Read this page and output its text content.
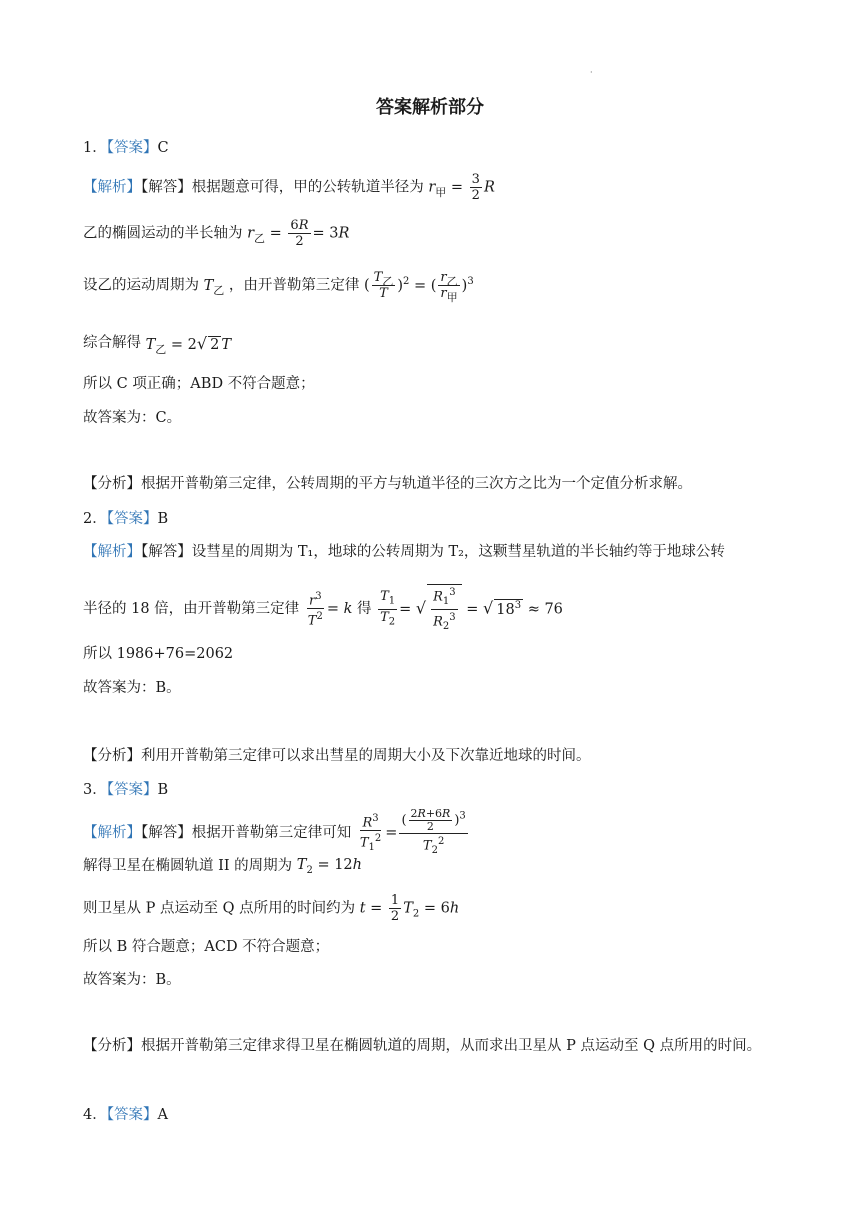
·
答案解析部分
1．【答案】C
【解析】【解答】根据题意可得，甲的公转轨道半径为 $r_甲 = \frac{3}{2}$ R
乙的椭圆运动的半长轴为 $r_乙 = \frac{6R}{2} = 3R$
设乙的运动周期为 $T_乙$ ，由开普勒第三定律 ( $\frac{T_乙}{T} )^2$ = ( $\frac{r_乙}{r_甲} )^3$
综合解得 $T_乙 = 2√$ 2 T
所以 C 项正确；ABD 不符合题意；
故答案为：C。
【分析】根据开普勒第三定律，公转周期的平方与轨道半径的三次方之比为一个定值分析求解。
2．【答案】B
【解析】【解答】设彗星的周期为 T₁，地球的公转周期为 T₂，这颗彗星轨道的半长轴约等于地球公转
半径的 18 倍，由开普勒第三定律 $\frac{r^3}{T^2} = k$ 得 $\frac{T_1}{T_2}$ = √ $\frac{R_1^3}{R_2^3}$ = √ $18^3 \approx 76$
所以 1986+76=2062
故答案为：B。
【分析】利用开普勒第三定律可以求出彗星的周期大小及下次靠近地球的时间。
3．【答案】B
【解析】【解答】根据开普勒第三定律可知 $\frac{R^3}{T_1^2} = \frac{( \frac{2R+6R}{2} )^3}{T_2^2}$
解得卫星在椭圆轨道 II 的周期为 $T_2 = 12h$
则卫星从 P 点运动至 Q 点所用的时间约为 $t = \frac{1}{2} T_2 = 6h$
所以 B 符合题意；ACD 不符合题意；
故答案为：B。
【分析】根据开普勒第三定律求得卫星在椭圆轨道的周期，从而求出卫星从 P 点运动至 Q 点所用的时间。
4．【答案】A
